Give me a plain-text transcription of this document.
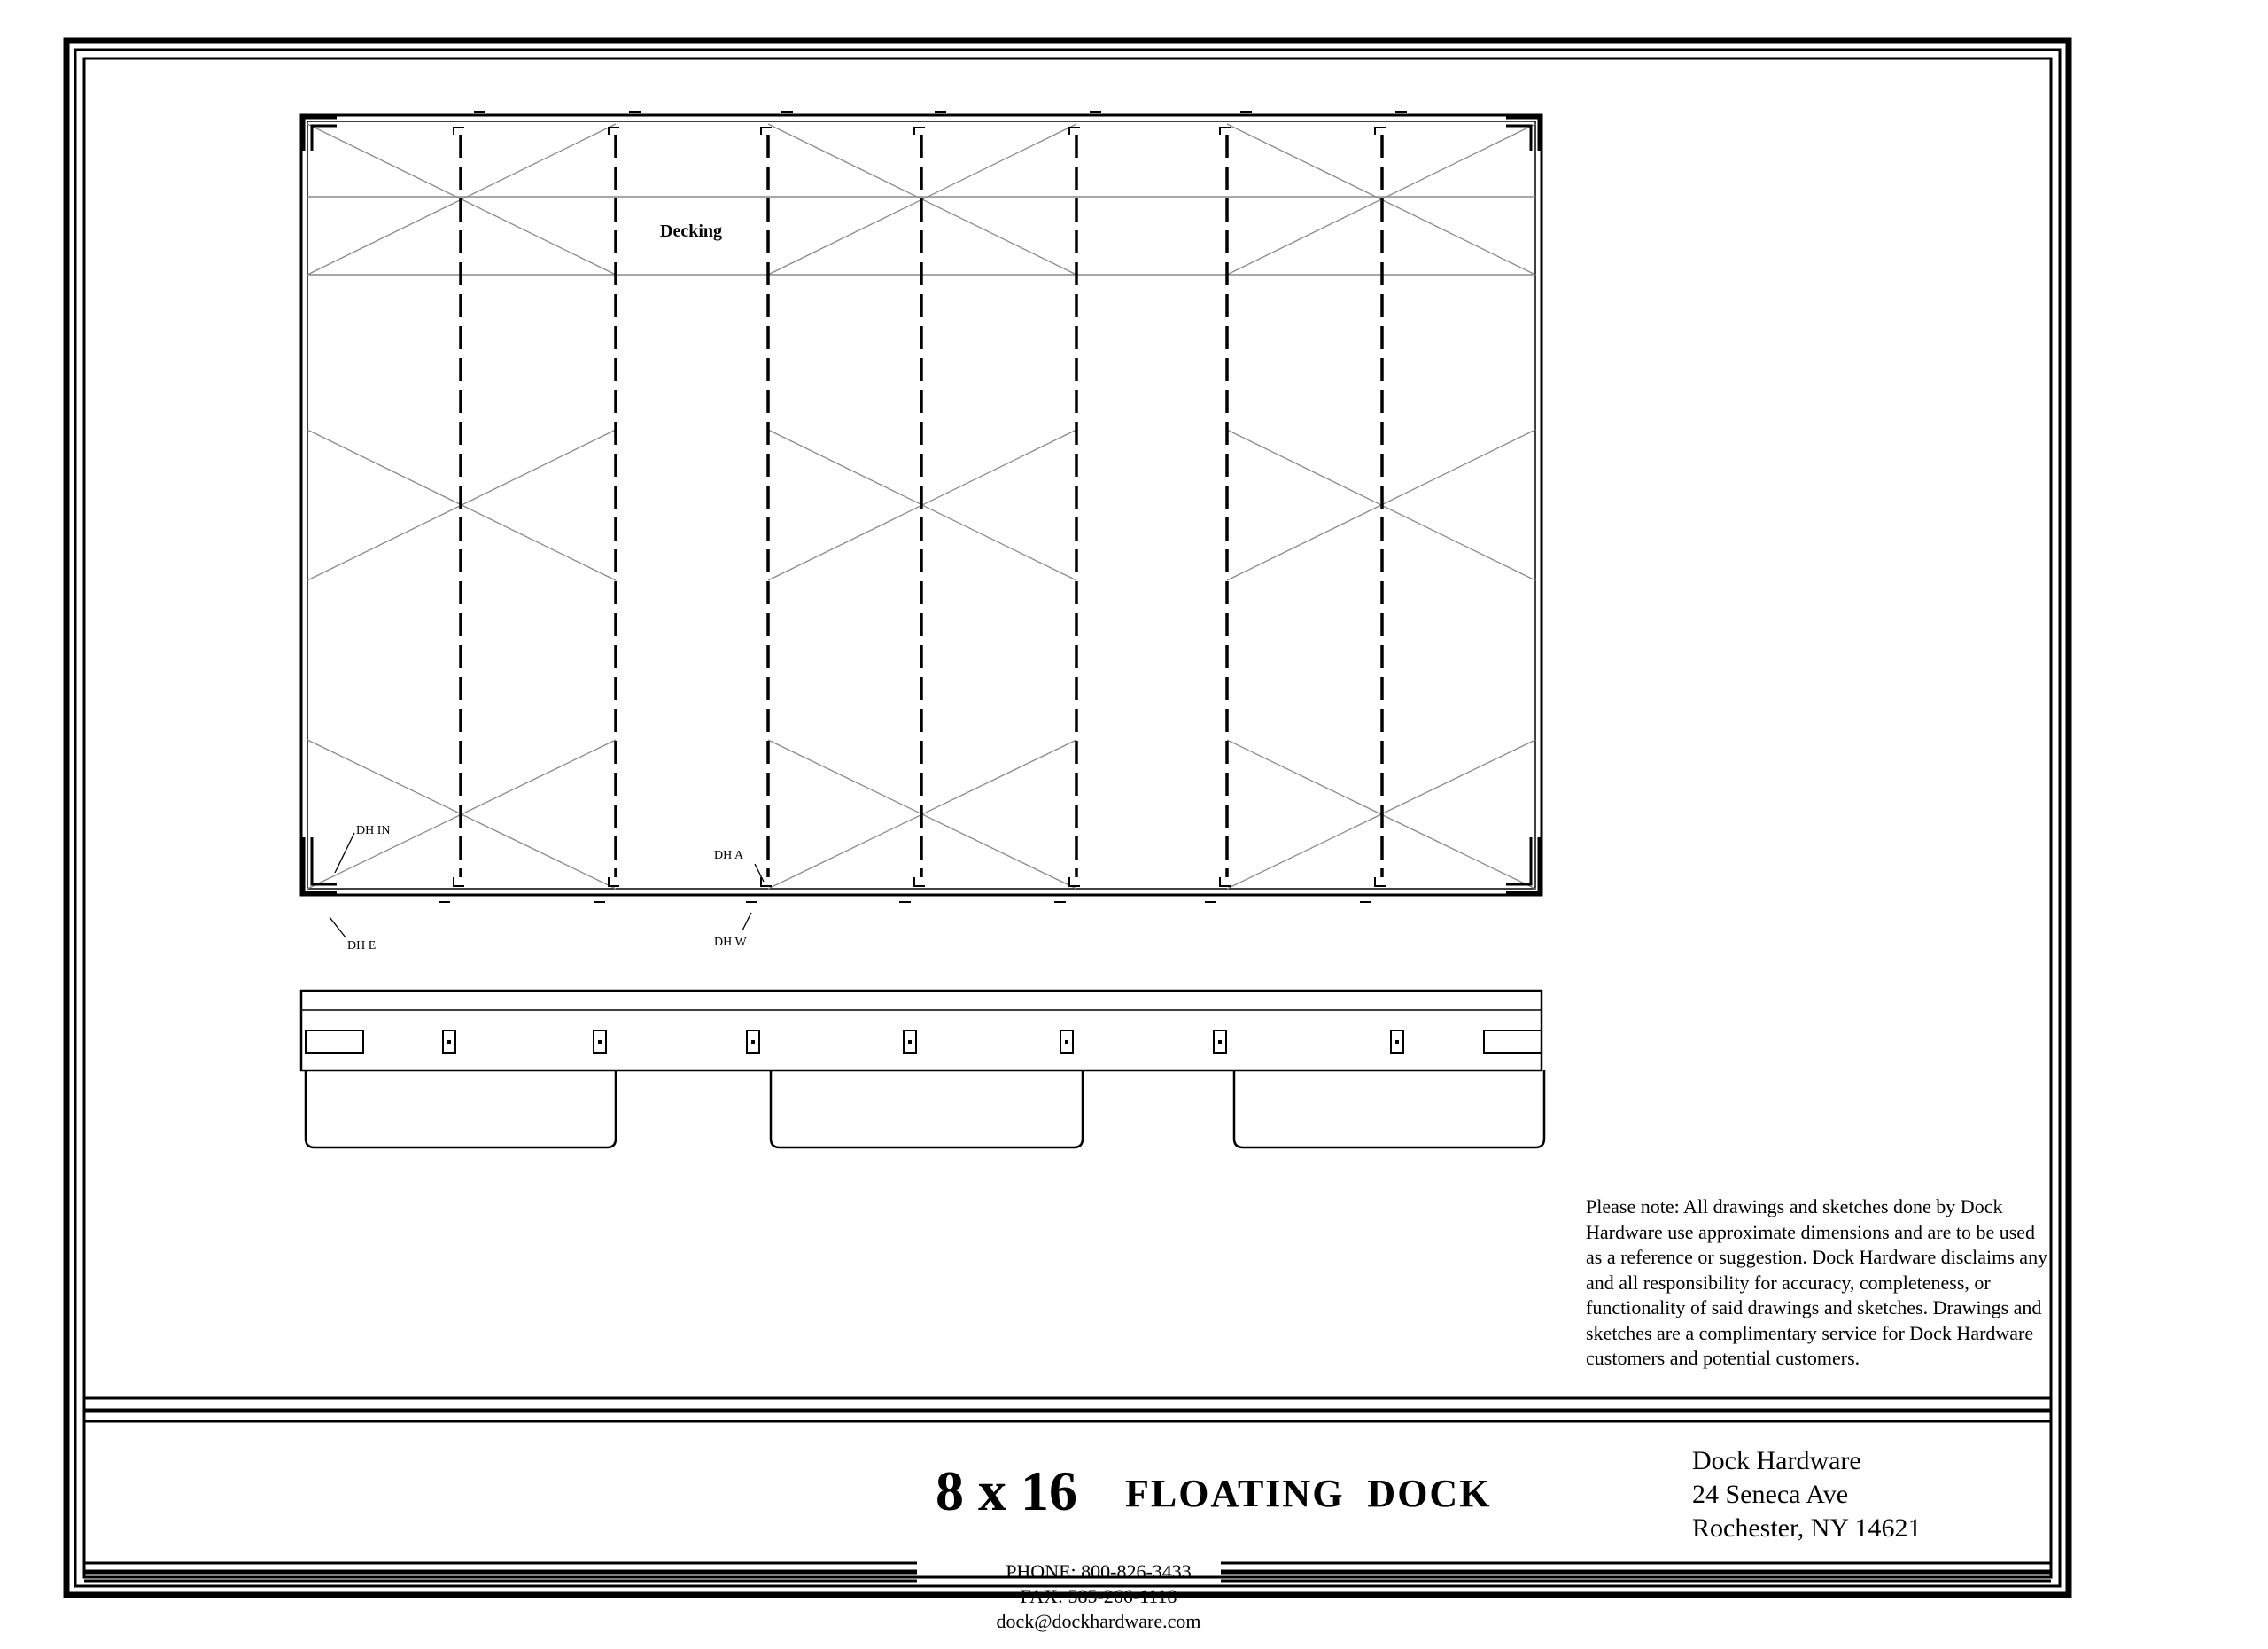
Decking
DH IN
DH A
DH E	DH W
Please note: All drawings and sketches done by Dock Hardware use approximate dimensions and are to be used as a reference or suggestion. Dock Hardware disclaims any and all responsibility for accuracy, completeness, or functionality of said drawings and sketches. Drawings and sketches are a complimentary service for Dock Hardware customers and potential customers.
8 x 16 FLOATING  DOCK
Dock Hardware
24 Seneca Ave
Rochester, NY 14621
PHONE: 800-826-3433
FAX: 585-266-1118
dock@dockhardware.com
